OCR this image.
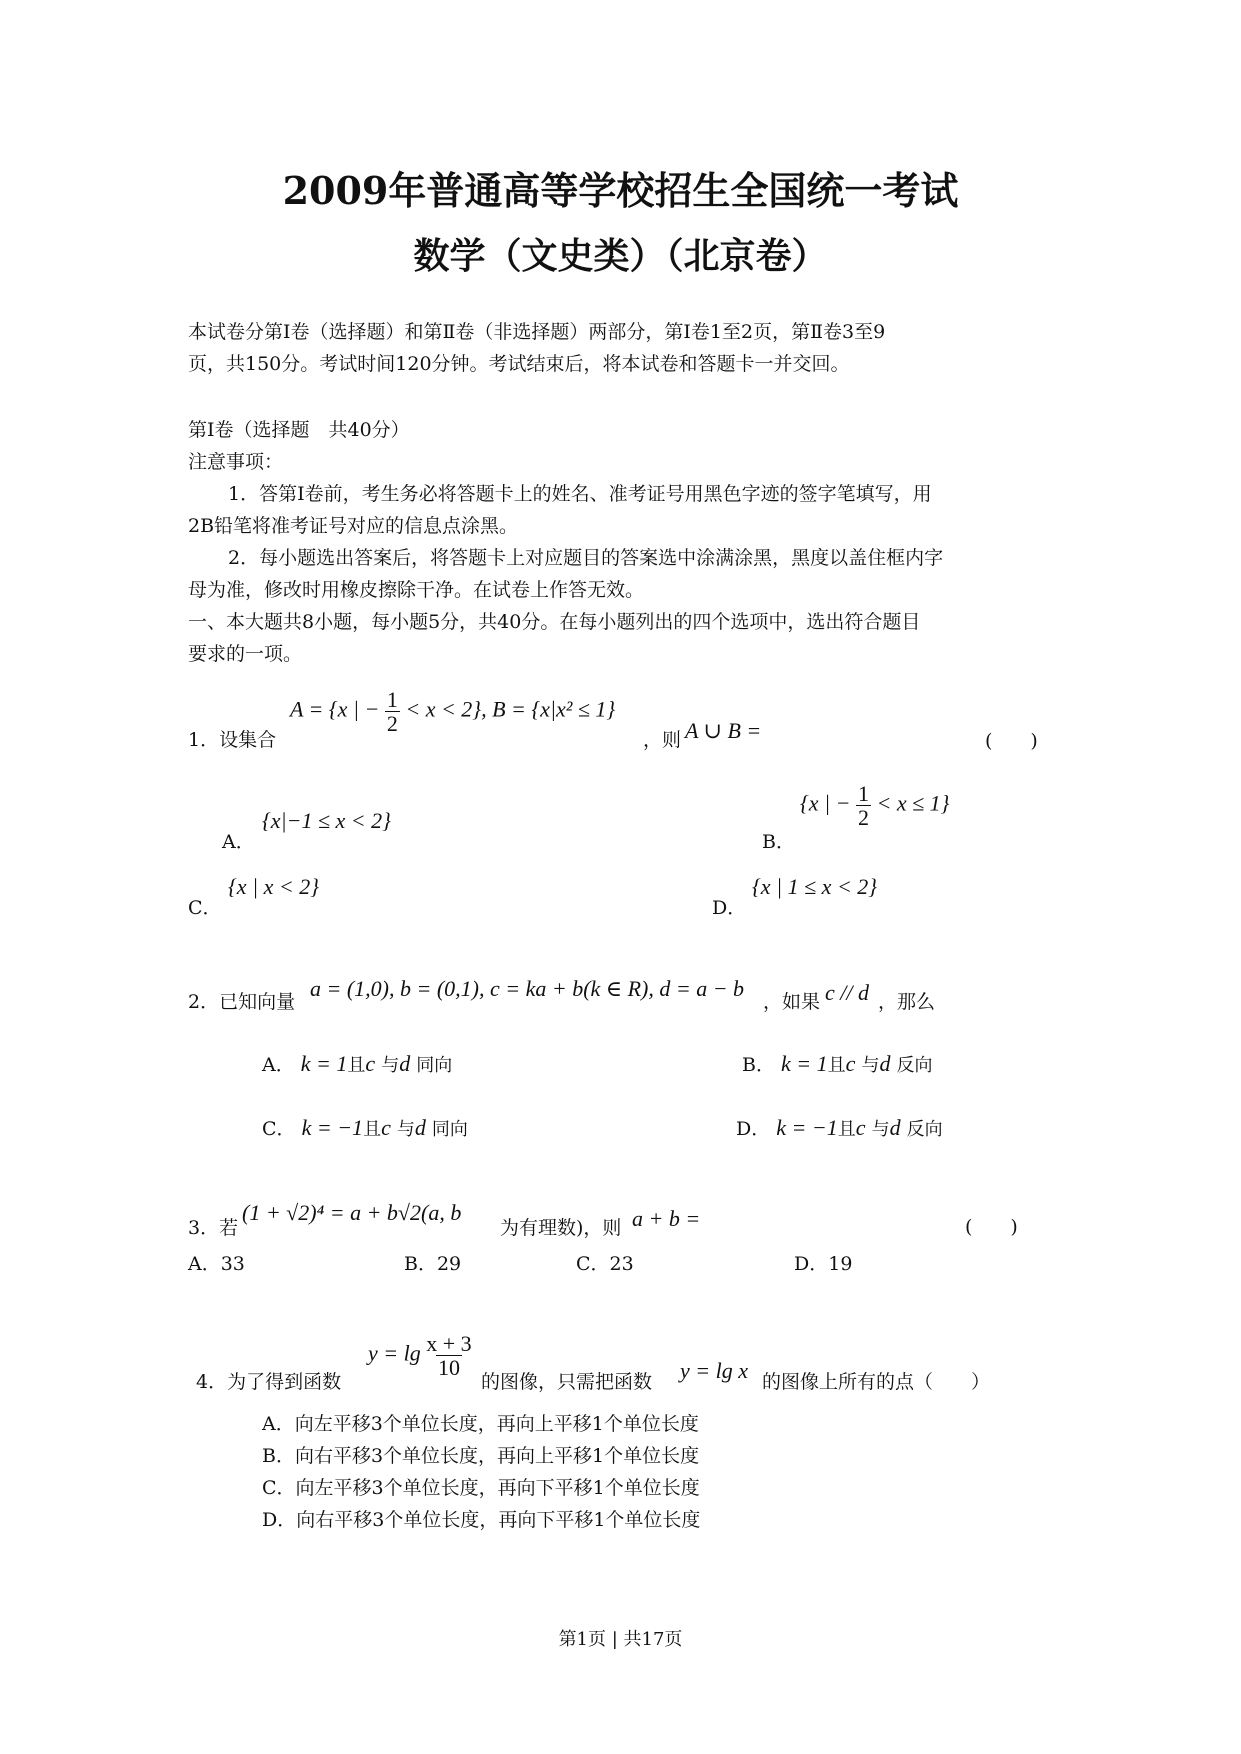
2009年普通高等学校招生全国统一考试
数学（文史类）（北京卷）
本试卷分第Ⅰ卷（选择题）和第Ⅱ卷（非选择题）两部分，第Ⅰ卷1至2页，第Ⅱ卷3至9
页，共150分。考试时间120分钟。考试结束后，将本试卷和答题卡一并交回。
第Ⅰ卷（选择题　共40分）
注意事项：
1．答第Ⅰ卷前，考生务必将答题卡上的姓名、准考证号用黑色字迹的签字笔填写，用
2B铅笔将准考证号对应的信息点涂黑。
2．每小题选出答案后，将答题卡上对应题目的答案选中涂满涂黑，黑度以盖住框内字
母为准，修改时用橡皮擦除干净。在试卷上作答无效。
一、本大题共8小题，每小题5分，共40分。在每小题列出的四个选项中，选出符合题目
要求的一项。
1．设集合
A = {x | − $\frac{1}{2} < x < 2$}, B = {x|x² ≤ 1}
，则 A ∪ B =	(　　)
A．
{x|−1 ≤ x < 2}
B．
{x | − $\frac{1}{2} < x \le 1$}
C．
{x | x < 2}
D．
{x | 1 ≤ x < 2}
2．已知向量
a = (1,0), b = (0,1), c = ka + b(k ∈ R), d = a − b
，如果 c // d ，那么
A． k = 1且c 与d 同向	B． k = 1且c 与d 反向
C． k = −1且c 与d 同向	D． k = −1且c 与d 反向
3．若
(1 + √2)⁴ = a + b√2(a, b
为有理数)，则 a + b =	(　　)
A．33	B．29	C．23	D．19
4．为了得到函数
$y = \lg \frac{x + 3}{10}$
的图像，只需把函数 y = lg x 的图像上所有的点（　　）
A．向左平移3个单位长度，再向上平移1个单位长度
B．向右平移3个单位长度，再向上平移1个单位长度
C．向左平移3个单位长度，再向下平移1个单位长度
D．向右平移3个单位长度，再向下平移1个单位长度
第1页 | 共17页
